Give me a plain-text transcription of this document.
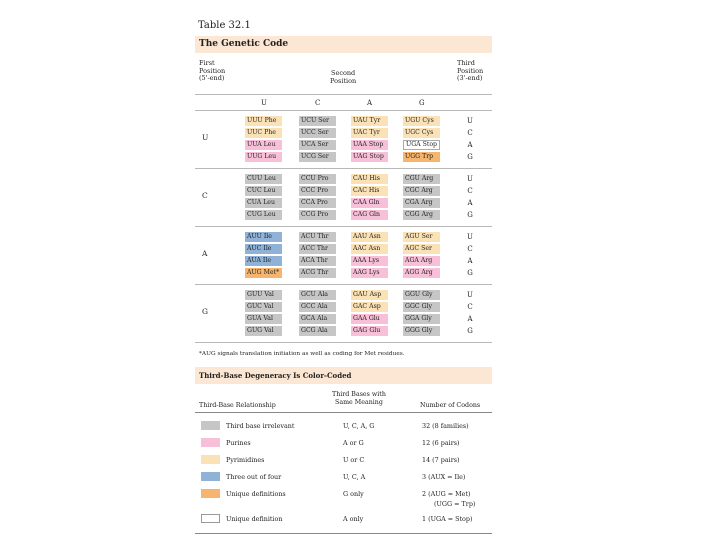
Table 32.1
The Genetic Code
First
Position
(5'-end)
Second
Position
Third
Position
(3'-end)
U	C	A	G
U
UUU Phe	UCU Ser	UAU Tyr	UGU Cys	U
UUC Phe	UCC Ser	UAC Tyr	UGC Cys	C
UUA Leu	UCA Ser	UAA Stop	UGA Stop	A
UUG Leu	UCG Ser	UAG Stop	UGG Trp	G
C
CUU Leu	CCU Pro	CAU His	CGU Arg	U
CUC Leu	CCC Pro	CAC His	CGC Arg	C
CUA Leu	CCA Pro	CAA Gln	CGA Arg	A
CUG Leu	CCG Pro	CAG Gln	CGG Arg	G
A
AUU Ile	ACU Thr	AAU Asn	AGU Ser	U
AUC Ile	ACC Thr	AAC Asn	AGC Ser	C
AUA Ile	ACA Thr	AAA Lys	AGA Arg	A
AUG Met*	ACG Thr	AAG Lys	AGG Arg	G
G
GUU Val	GCU Ala	GAU Asp	GGU Gly	U
GUC Val	GCC Ala	GAC Asp	GGC Gly	C
GUA Val	GCA Ala	GAA Glu	GGA Gly	A
GUG Val	GCG Ala	GAG Glu	GGG Gly	G
*AUG signals translation initiation as well as coding for Met residues.
Third-Base Degeneracy Is Color-Coded
Third-Base Relationship
Third Bases with
Same Meaning	Number of Codons
Third base irrelevant	U, C, A, G	32 (8 families)
Purines	A or G	12 (6 pairs)
Pyrimidines	U or C	14 (7 pairs)
Three out of four	U, C, A	3 (AUX = Ile)
Unique definitions	G only	2 (AUG = Met)
(UGG = Trp)
Unique definition	A only	1 (UGA = Stop)
